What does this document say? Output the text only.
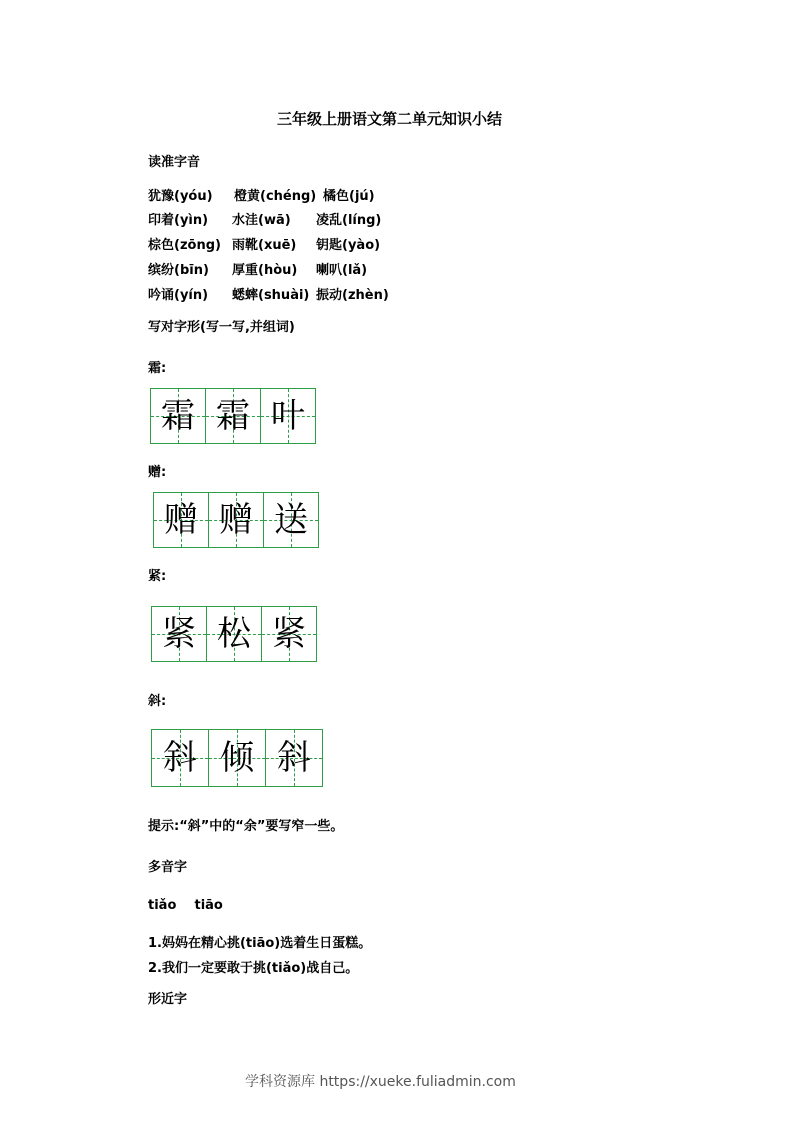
三年级上册语文第二单元知识小结
读准字音
犹豫(yóu) 橙黄(chéng) 橘色(jú)
印着(yìn) 水洼(wā) 凌乱(líng)
棕色(zōng) 雨靴(xuē) 钥匙(yào)
缤纷(bīn) 厚重(hòu) 喇叭(lǎ)
吟诵(yín) 蟋蟀(shuài) 振动(zhèn)
写对字形(写一写,并组词)
霜:
霜 霜 叶
赠:
赠 赠 送
紧:
紧 松 紧
斜:
斜 倾 斜
提示:“斜”中的“余”要写窄一些。
多音字
tiǎo    tiāo
1.妈妈在精心挑(tiāo)选着生日蛋糕。
2.我们一定要敢于挑(tiǎo)战自己。
形近字
学科资源库 https://xueke.fuliadmin.com
